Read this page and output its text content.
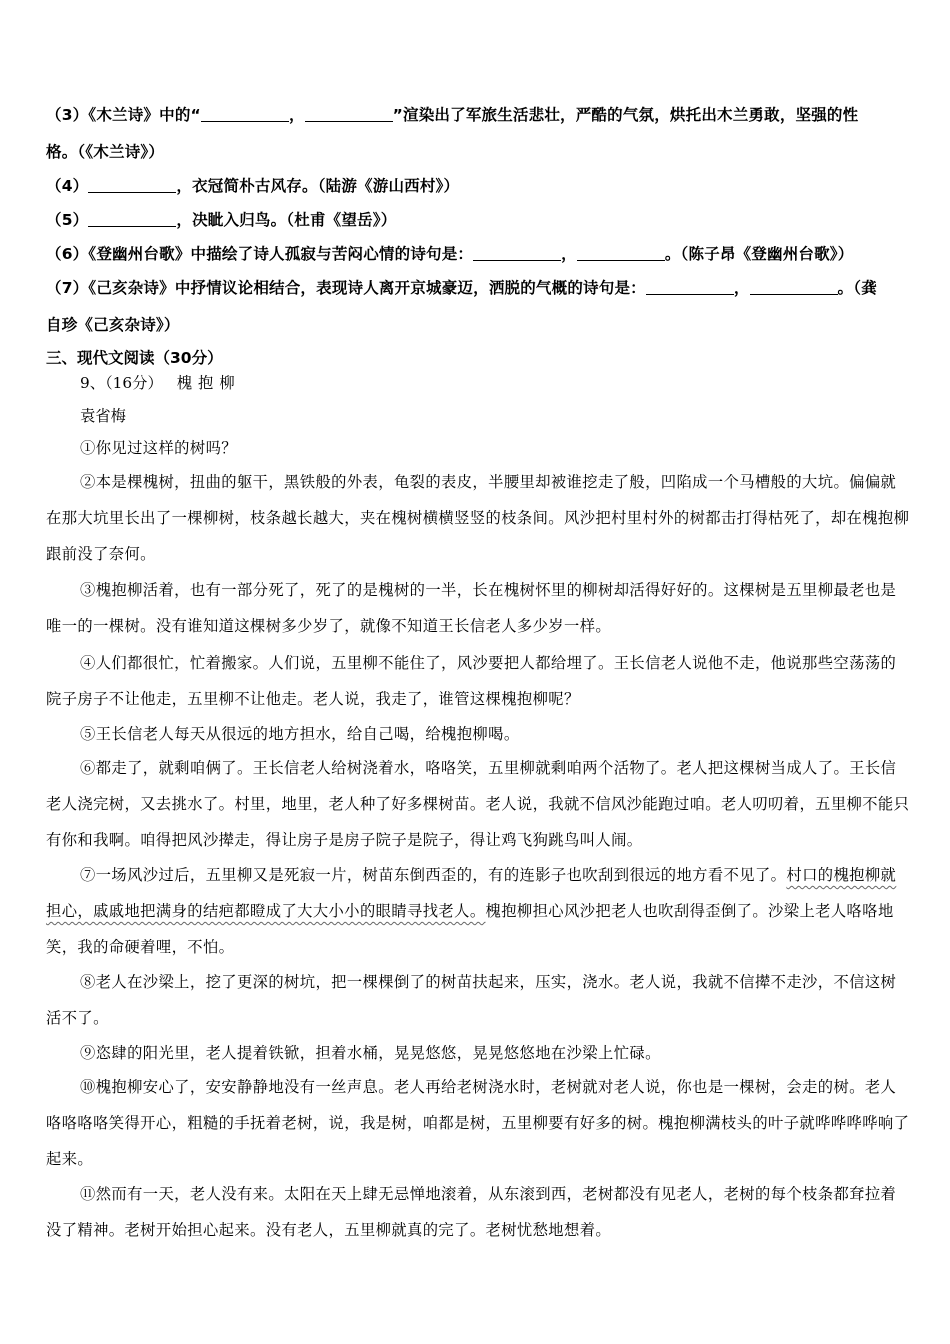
（3）《木兰诗》中的“	，	”渲染出了军旅生活悲壮，严酷的气氛，烘托出木兰勇敢，坚强的性
格。（《木兰诗》）
（4）	，衣冠简朴古风存。（陆游《游山西村》）
（5）	，决眦入归鸟。（杜甫《望岳》）
（6）《登幽州台歌》中描绘了诗人孤寂与苦闷心情的诗句是：	，	。（陈子昂《登幽州台歌》）
（7）《己亥杂诗》中抒情议论相结合，表现诗人离开京城豪迈，洒脱的气概的诗句是：	，	。（龚
自珍《己亥杂诗》）
三、现代文阅读（30分）
9、（16分） 槐抱柳
袁省梅
①你见过这样的树吗？
②本是棵槐树，扭曲的躯干，黑铁般的外表，龟裂的表皮，半腰里却被谁挖走了般，凹陷成一个马槽般的大坑。偏偏就在那大坑里长出了一棵柳树，枝条越长越大，夹在槐树横横竖竖的枝条间。风沙把村里村外的树都击打得枯死了，却在槐抱柳跟前没了奈何。
③槐抱柳活着，也有一部分死了，死了的是槐树的一半，长在槐树怀里的柳树却活得好好的。这棵树是五里柳最老也是唯一的一棵树。没有谁知道这棵树多少岁了，就像不知道王长信老人多少岁一样。
④人们都很忙，忙着搬家。人们说，五里柳不能住了，风沙要把人都给埋了。王长信老人说他不走，他说那些空荡荡的院子房子不让他走，五里柳不让他走。老人说，我走了，谁管这棵槐抱柳呢？
⑤王长信老人每天从很远的地方担水，给自己喝，给槐抱柳喝。
⑥都走了，就剩咱俩了。王长信老人给树浇着水，咯咯笑，五里柳就剩咱两个活物了。老人把这棵树当成人了。王长信老人浇完树，又去挑水了。村里，地里，老人种了好多棵树苗。老人说，我就不信风沙能跑过咱。老人叨叨着，五里柳不能只有你和我啊。咱得把风沙撵走，得让房子是房子院子是院子，得让鸡飞狗跳鸟叫人闹。
⑦一场风沙过后，五里柳又是死寂一片，树苗东倒西歪的，有的连影子也吹刮到很远的地方看不见了。村口的槐抱柳就担心，戚戚地把满身的结疤都瞪成了大大小小的眼睛寻找老人。槐抱柳担心风沙把老人也吹刮得歪倒了。沙梁上老人咯咯地笑，我的命硬着哩，不怕。
⑧老人在沙梁上，挖了更深的树坑，把一棵棵倒了的树苗扶起来，压实，浇水。老人说，我就不信撵不走沙，不信这树活不了。
⑨恣肆的阳光里，老人提着铁锨，担着水桶，晃晃悠悠，晃晃悠悠地在沙梁上忙碌。
⑩槐抱柳安心了，安安静静地没有一丝声息。老人再给老树浇水时，老树就对老人说，你也是一棵树，会走的树。老人咯咯咯咯笑得开心，粗糙的手抚着老树，说，我是树，咱都是树，五里柳要有好多的树。槐抱柳满枝头的叶子就哗哗哗哗响了起来。
⑪然而有一天，老人没有来。太阳在天上肆无忌惮地滚着，从东滚到西，老树都没有见老人，老树的每个枝条都耷拉着没了精神。老树开始担心起来。没有老人，五里柳就真的完了。老树忧愁地想着。
